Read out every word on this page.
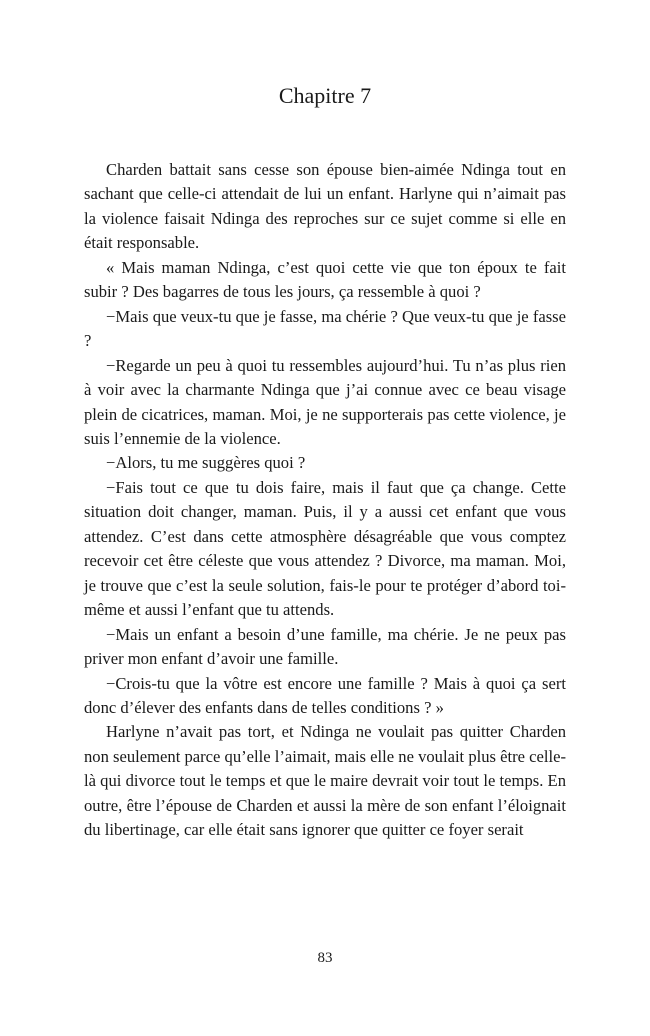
Chapitre 7

Charden battait sans cesse son épouse bien-aimée Ndinga tout en sachant que celle-ci attendait de lui un enfant. Harlyne qui n’aimait pas la violence faisait Ndinga des reproches sur ce sujet comme si elle en était responsable.

« Mais maman Ndinga, c’est quoi cette vie que ton époux te fait subir ? Des bagarres de tous les jours, ça ressemble à quoi ?

−Mais que veux-tu que je fasse, ma chérie ? Que veux-tu que je fasse ?

−Regarde un peu à quoi tu ressembles aujourd’hui. Tu n’as plus rien à voir avec la charmante Ndinga que j’ai connue avec ce beau visage plein de cicatrices, maman. Moi, je ne supporterais pas cette violence, je suis l’ennemie de la violence.

−Alors, tu me suggères quoi ?

−Fais tout ce que tu dois faire, mais il faut que ça change. Cette situation doit changer, maman. Puis, il y a aussi cet enfant que vous attendez. C’est dans cette atmosphère désagréable que vous comptez recevoir cet être céleste que vous attendez ? Divorce, ma maman. Moi, je trouve que c’est la seule solution, fais-le pour te protéger d’abord toi-même et aussi l’enfant que tu attends.

−Mais un enfant a besoin d’une famille, ma chérie. Je ne peux pas priver mon enfant d’avoir une famille.

−Crois-tu que la vôtre est encore une famille ? Mais à quoi ça sert donc d’élever des enfants dans de telles conditions ? »

Harlyne n’avait pas tort, et Ndinga ne voulait pas quitter Charden non seulement parce qu’elle l’aimait, mais elle ne voulait plus être celle-là qui divorce tout le temps et que le maire devrait voir tout le temps. En outre, être l’épouse de Charden et aussi la mère de son enfant l’éloignait du libertinage, car elle était sans ignorer que quitter ce foyer serait

83
